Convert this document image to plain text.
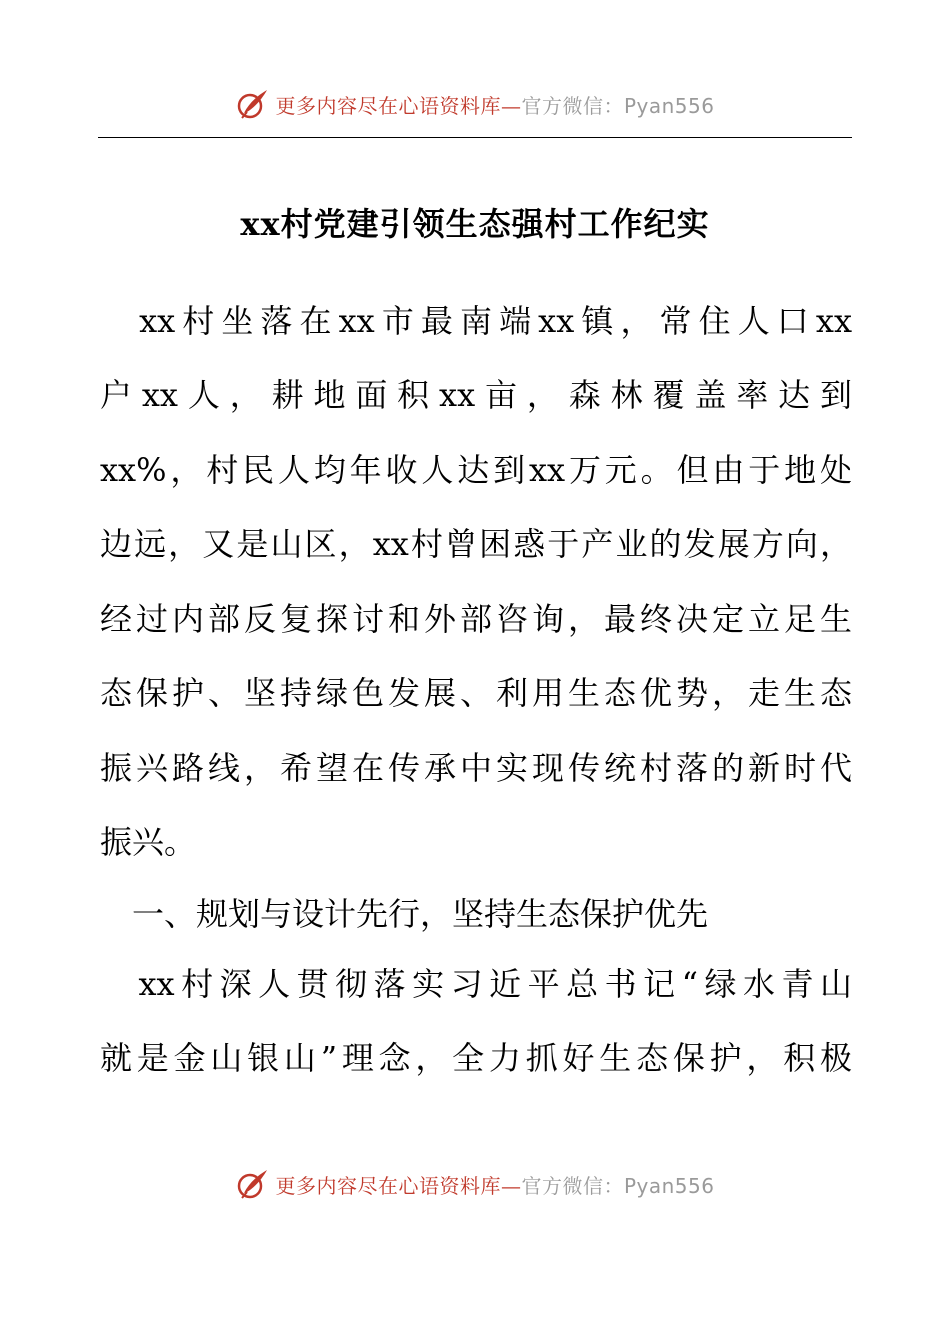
更多内容尽在心语资料库— 官方微信：Pyan556
xx村党建引领生态强村工作纪实
　xx村坐落在xx市最南端xx镇，常住人口xx
户xx人，耕地面积xx亩，森林覆盖率达到
xx%，村民人均年收人达到xx万元。但由于地处
边远，又是山区，xx村曾困惑于产业的发展方向，
经过内部反复探讨和外部咨询，最终决定立足生
态保护、坚持绿色发展、利用生态优势，走生态
振兴路线，希望在传承中实现传统村落的新时代
振兴。
　一、规划与设计先行，坚持生态保护优先
　xx村深人贯彻落实习近平总书记“绿水青山
就是金山银山”理念，全力抓好生态保护，积极
更多内容尽在心语资料库— 官方微信：Pyan556
